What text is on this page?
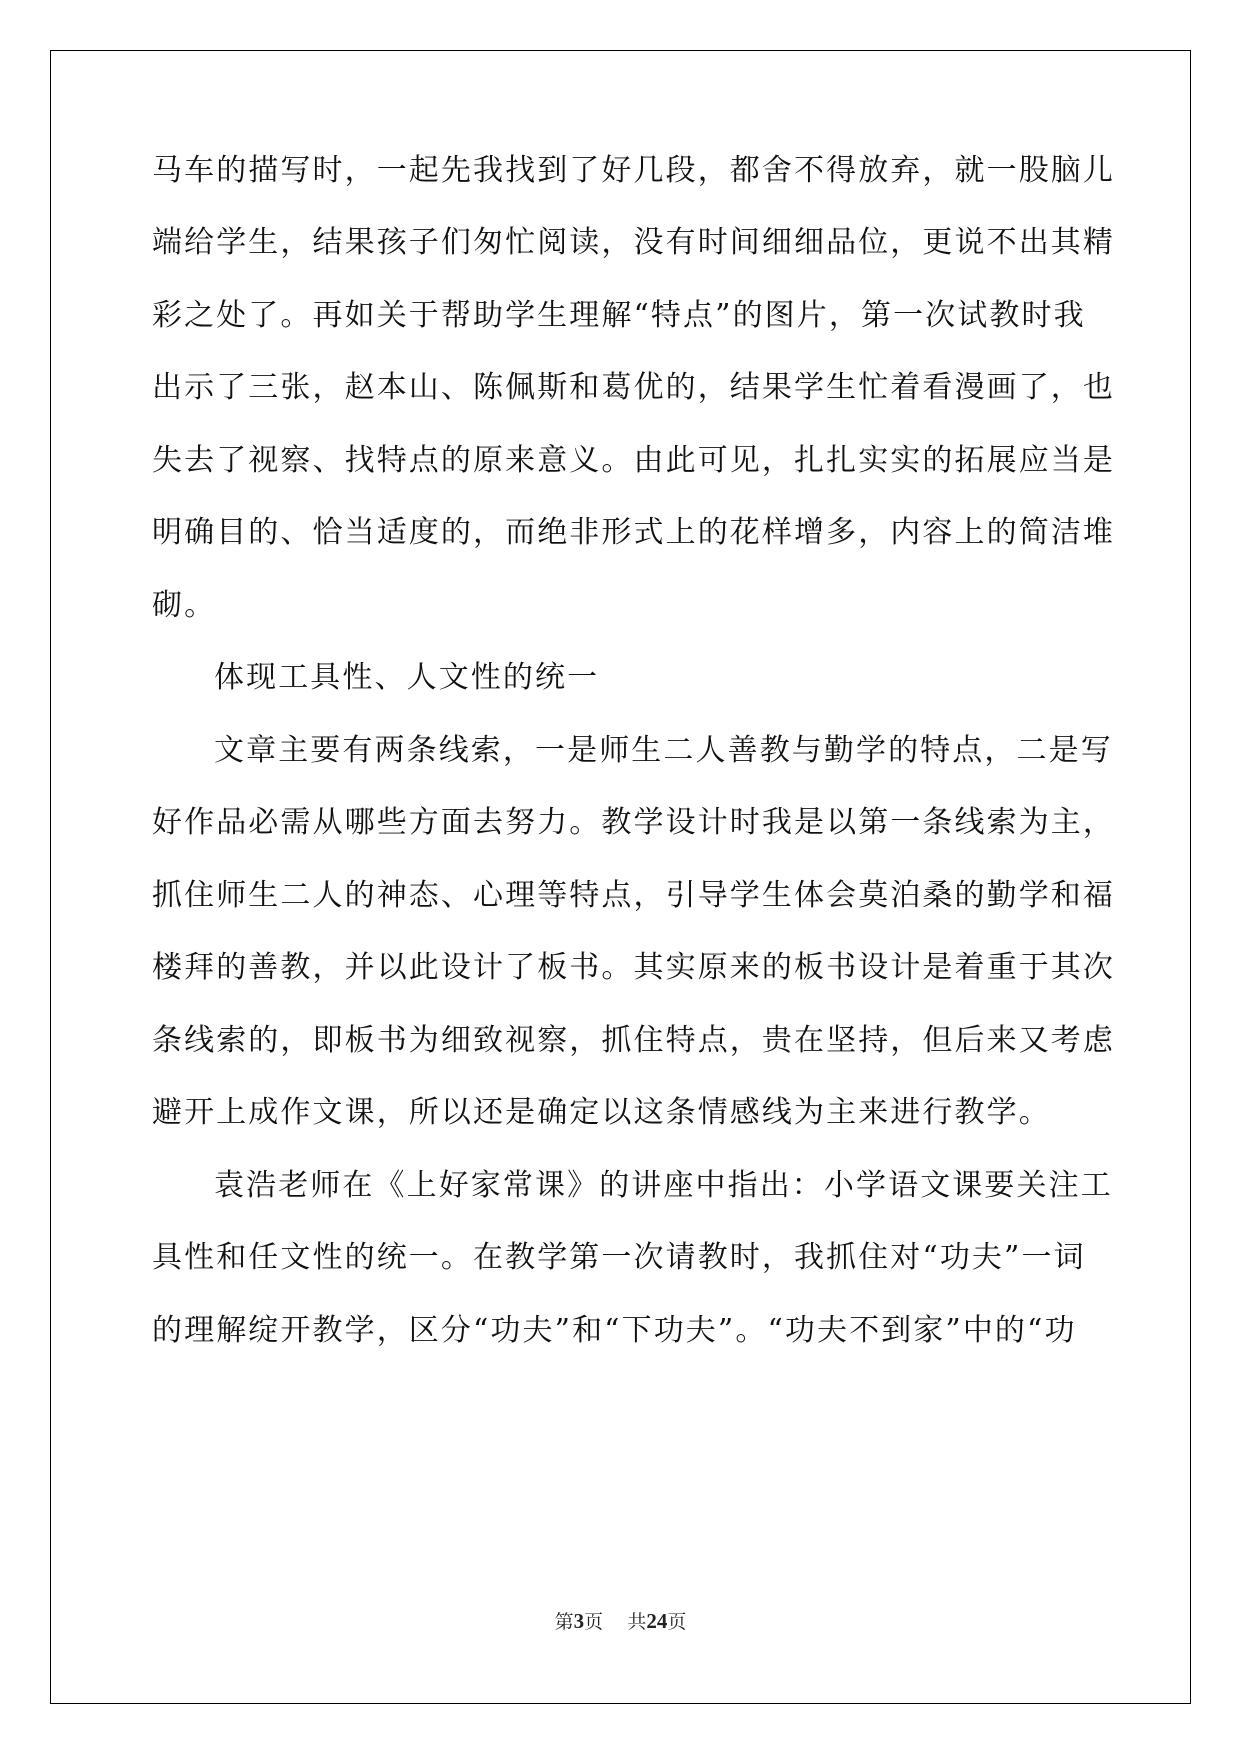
马车的描写时，一起先我找到了好几段，都舍不得放弃，就一股脑儿
端给学生，结果孩子们匆忙阅读，没有时间细细品位，更说不出其精
彩之处了。再如关于帮助学生理解“特点”的图片，第一次试教时我
出示了三张，赵本山、陈佩斯和葛优的，结果学生忙着看漫画了，也
失去了视察、找特点的原来意义。由此可见，扎扎实实的拓展应当是
明确目的、恰当适度的，而绝非形式上的花样增多，内容上的简洁堆
砌。
体现工具性、人文性的统一
文章主要有两条线索，一是师生二人善教与勤学的特点，二是写
好作品必需从哪些方面去努力。教学设计时我是以第一条线索为主，
抓住师生二人的神态、心理等特点，引导学生体会莫泊桑的勤学和福
楼拜的善教，并以此设计了板书。其实原来的板书设计是着重于其次
条线索的，即板书为细致视察，抓住特点，贵在坚持，但后来又考虑
避开上成作文课，所以还是确定以这条情感线为主来进行教学。
袁浩老师在《上好家常课》的讲座中指出：小学语文课要关注工
具性和任文性的统一。在教学第一次请教时，我抓住对“功夫”一词
的理解绽开教学，区分“功夫”和“下功夫”。“功夫不到家”中的“功
第3页 共24页
